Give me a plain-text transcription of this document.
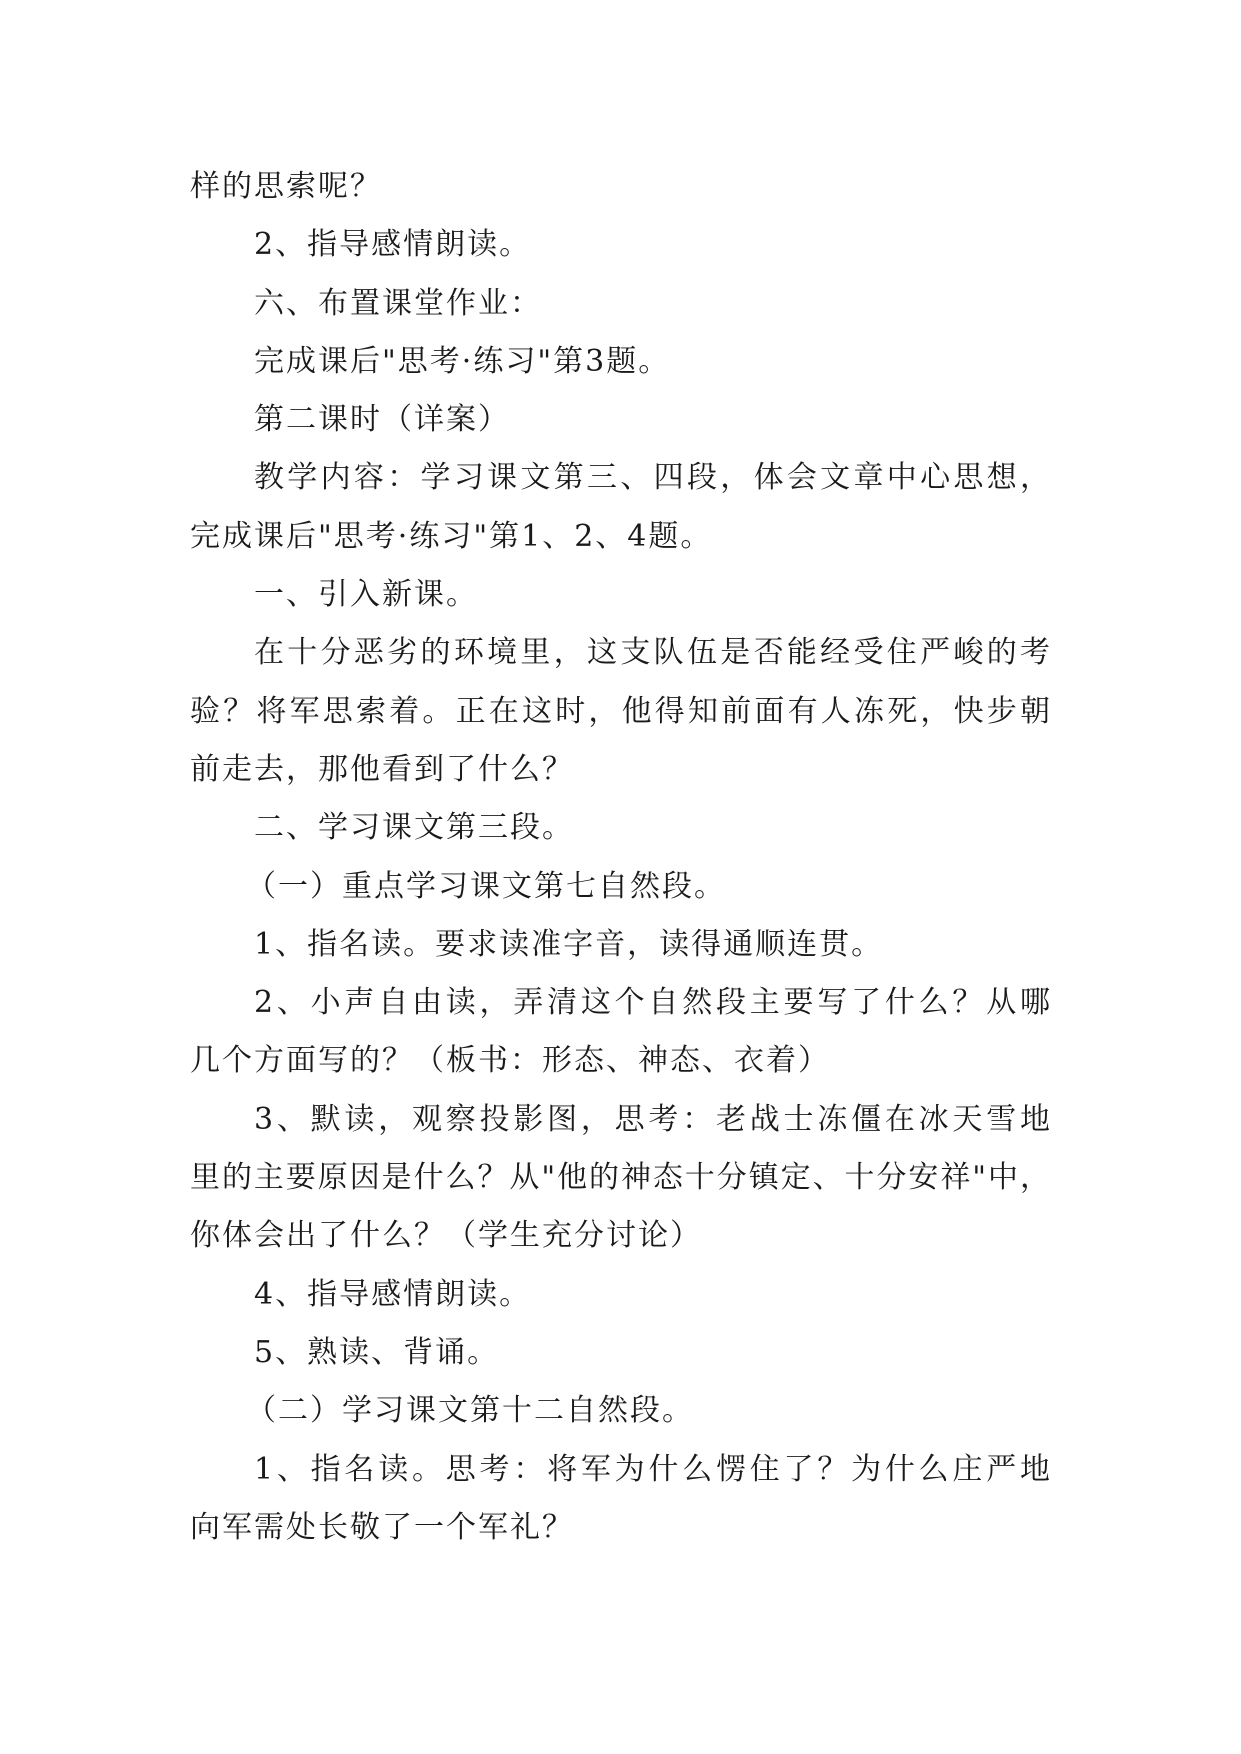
样的思索呢？
2、指导感情朗读。
六、布置课堂作业：
完成课后"思考·练习"第3题。
第二课时（详案）
教学内容：学习课文第三、四段，体会文章中心思想，
完成课后"思考·练习"第1、2、4题。
一、引入新课。
在十分恶劣的环境里，这支队伍是否能经受住严峻的考
验？将军思索着。正在这时，他得知前面有人冻死，快步朝
前走去，那他看到了什么？
二、学习课文第三段。
（一）重点学习课文第七自然段。
1、指名读。要求读准字音，读得通顺连贯。
2、小声自由读，弄清这个自然段主要写了什么？从哪
几个方面写的？（板书：形态、神态、衣着）
3、默读，观察投影图，思考：老战士冻僵在冰天雪地
里的主要原因是什么？从"他的神态十分镇定、十分安祥"中，
你体会出了什么？（学生充分讨论）
4、指导感情朗读。
5、熟读、背诵。
（二）学习课文第十二自然段。
1、指名读。思考：将军为什么愣住了？为什么庄严地
向军需处长敬了一个军礼？
